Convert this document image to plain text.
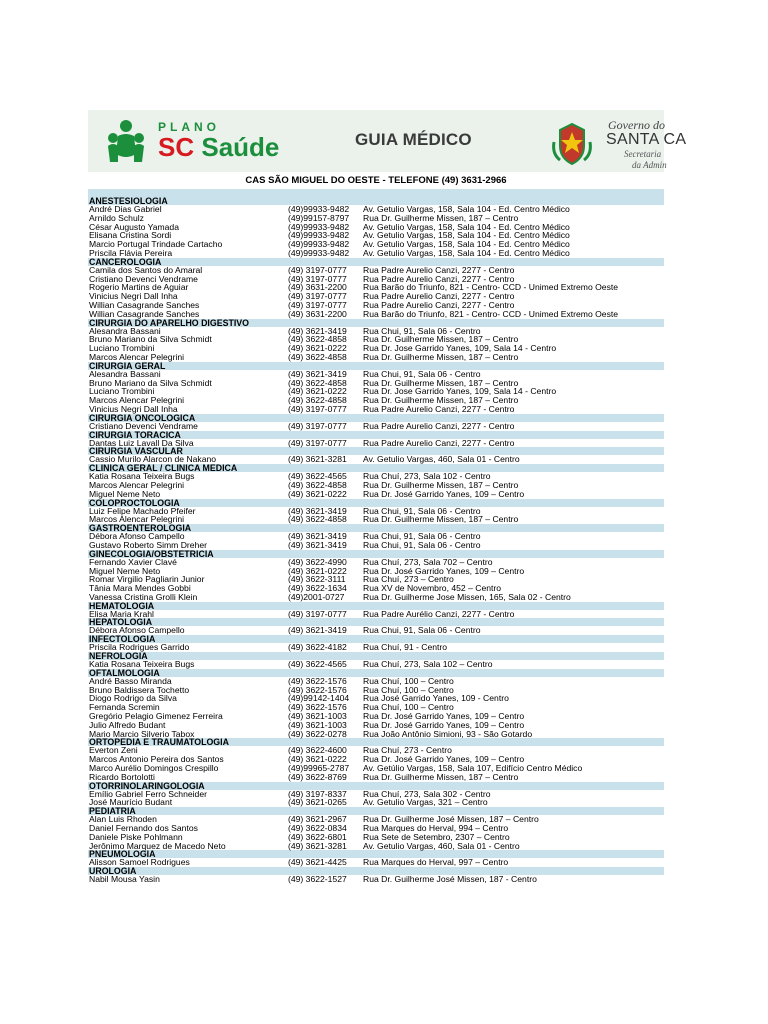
PLANO
SC Saúde	GUIA MÉDICO
Governo do
SANTA CA
Secretaria
da Admin
CAS SÃO MIGUEL DO OESTE - TELEFONE (49) 3631-2966
ANESTESIOLOGIA
André Dias Gabriel	(49)99933-9482 Av. Getulio Vargas, 158, Sala 104 - Ed. Centro Médico
Arnildo Schulz	(49)99157-8797 Rua Dr. Guilherme Missen, 187 – Centro
César Augusto Yamada	(49)99933-9482 Av. Getulio Vargas, 158, Sala 104 - Ed. Centro Médico
Elisana Cristina Sordi	(49)99933-9482 Av. Getulio Vargas, 158, Sala 104 - Ed. Centro Médico
Marcio Portugal Trindade Cartacho	(49)99933-9482 Av. Getulio Vargas, 158, Sala 104 - Ed. Centro Médico
Priscila Flávia Pereira	(49)99933-9482 Av. Getulio Vargas, 158, Sala 104 - Ed. Centro Médico
CANCEROLOGIA
Camila dos Santos do Amaral	(49) 3197-0777 Rua Padre Aurelio Canzi, 2277 - Centro
Cristiano Devenci Vendrame	(49) 3197-0777 Rua Padre Aurelio Canzi, 2277 - Centro
Rogerio Martins de Aguiar	(49) 3631-2200 Rua Barão do Triunfo, 821 - Centro- CCD - Unimed Extremo Oeste
Vinicius Negri Dall Inha	(49) 3197-0777 Rua Padre Aurelio Canzi, 2277 - Centro
Willian Casagrande Sanches	(49) 3197-0777 Rua Padre Aurelio Canzi, 2277 - Centro
Willian Casagrande Sanches	(49) 3631-2200 Rua Barão do Triunfo, 821 - Centro- CCD - Unimed Extremo Oeste
CIRURGIA DO APARELHO DIGESTIVO
Alesandra Bassani	(49) 3621-3419 Rua Chui, 91, Sala 06 - Centro
Bruno Mariano da Silva Schmidt	(49) 3622-4858 Rua Dr. Guilherme Missen, 187 – Centro
Luciano Trombini	(49) 3621-0222 Rua Dr. Jose Garrido Yanes, 109, Sala 14 - Centro
Marcos Alencar Pelegrini	(49) 3622-4858 Rua Dr. Guilherme Missen, 187 – Centro
CIRURGIA GERAL
Alesandra Bassani	(49) 3621-3419 Rua Chui, 91, Sala 06 - Centro
Bruno Mariano da Silva Schmidt	(49) 3622-4858 Rua Dr. Guilherme Missen, 187 – Centro
Luciano Trombini	(49) 3621-0222 Rua Dr. Jose Garrido Yanes, 109, Sala 14 - Centro
Marcos Alencar Pelegrini	(49) 3622-4858 Rua Dr. Guilherme Missen, 187 – Centro
Vinicius Negri Dall Inha	(49) 3197-0777 Rua Padre Aurelio Canzi, 2277 - Centro
CIRURGIA ONCOLOGICA
Cristiano Devenci Vendrame	(49) 3197-0777 Rua Padre Aurelio Canzi, 2277 - Centro
CIRURGIA TORACICA
Dantas Luiz Lavall Da Silva	(49) 3197-0777 Rua Padre Aurelio Canzi, 2277 - Centro
CIRURGIA VASCULAR
Cassio Murilo Alarcon de Nakano	(49) 3621-3281 Av. Getulio Vargas, 460, Sala 01 - Centro
CLINICA GERAL / CLINICA MEDICA
Katia Rosana Teixeira Bugs	(49) 3622-4565 Rua Chuí, 273, Sala 102 - Centro
Marcos Alencar Pelegrini	(49) 3622-4858 Rua Dr. Guilherme Missen, 187 – Centro
Miguel Neme Neto	(49) 3621-0222 Rua Dr. José Garrido Yanes, 109 – Centro
COLOPROCTOLOGIA
Luiz Felipe Machado Pfeifer	(49) 3621-3419 Rua Chui, 91, Sala 06 - Centro
Marcos Alencar Pelegrini	(49) 3622-4858 Rua Dr. Guilherme Missen, 187 – Centro
GASTROENTEROLOGIA
Débora Afonso Campello	(49) 3621-3419 Rua Chui, 91, Sala 06 - Centro
Gustavo Roberto Simm Dreher	(49) 3621-3419 Rua Chui, 91, Sala 06 - Centro
GINECOLOGIA/OBSTETRICIA
Fernando Xavier Clavé	(49) 3622-4990 Rua Chuí, 273, Sala 702 – Centro
Miguel Neme Neto	(49) 3621-0222 Rua Dr. José Garrido Yanes, 109 – Centro
Romar Virgilio Pagliarin Junior	(49) 3622-3111 Rua Chuí, 273 – Centro
Tânia Mara Mendes Gobbi	(49) 3622-1634 Rua XV de Novembro, 452 – Centro
Vanessa Cristina Grolli Klein	(49)2001-0727 Rua Dr. Guilherme Jose Missen, 165, Sala 02 - Centro
HEMATOLOGIA
Elisa Maria Krahl	(49) 3197-0777 Rua Padre Aurélio Canzi, 2277 - Centro
HEPATOLOGIA
Débora Afonso Campello	(49) 3621-3419 Rua Chui, 91, Sala 06 - Centro
INFECTOLOGIA
Priscila Rodrigues Garrido	(49) 3622-4182 Rua Chuí, 91 - Centro
NEFROLOGIA
Katia Rosana Teixeira Bugs	(49) 3622-4565 Rua Chuí, 273, Sala 102 – Centro
OFTALMOLOGIA
André Basso Miranda	(49) 3622-1576 Rua Chuí, 100 – Centro
Bruno Baldissera Tochetto	(49) 3622-1576 Rua Chuí, 100 – Centro
Diogo Rodrigo da Silva	(49)99142-1404 Rua José Garrido Yanes, 109 - Centro
Fernanda Scremin	(49) 3622-1576 Rua Chuí, 100 – Centro
Gregório Pelagio Gimenez Ferreira	(49) 3621-1003 Rua Dr. José Garrido Yanes, 109 – Centro
Julio Alfredo Budant	(49) 3621-1003 Rua Dr. José Garrido Yanes, 109 – Centro
Mario Marcio Silverio Tabox	(49) 3622-0278 Rua João Antônio Simioni, 93 - São Gotardo
ORTOPEDIA E TRAUMATOLOGIA
Everton Zeni	(49) 3622-4600 Rua Chuí, 273 - Centro
Marcos Antonio Pereira dos Santos	(49) 3621-0222 Rua Dr. José Garrido Yanes, 109 – Centro
Marco Aurélio Domingos Crespillo	(49)99965-2787 Av. Getúlio Vargas, 158, Sala 107, Edifício Centro Médico
Ricardo Bortolotti	(49) 3622-8769 Rua Dr. Guilherme Missen, 187 – Centro
OTORRINOLARINGOLOGIA
Emílio Gabriel Ferro Schneider	(49) 3197-8337 Rua Chuí, 273, Sala 302 - Centro
José Maurício Budant	(49) 3621-0265 Av. Getulio Vargas, 321 – Centro
PEDIATRIA
Alan Luis Rhoden	(49) 3621-2967 Rua Dr. Guilherme José Missen, 187 – Centro
Daniel Fernando dos Santos	(49) 3622-0834 Rua Marques do Herval, 994 – Centro
Daniele Piske Pohlmann	(49) 3622-6801 Rua Sete de Setembro, 2307 – Centro
Jerônimo Marquez de Macedo Neto	(49) 3621-3281 Av. Getulio Vargas, 460, Sala 01 - Centro
PNEUMOLOGIA
Alisson Samoel Rodrigues	(49) 3621-4425 Rua Marques do Herval, 997 – Centro
UROLOGIA
Nabil Mousa Yasin	(49) 3622-1527 Rua Dr. Guilherme José Missen, 187 - Centro
